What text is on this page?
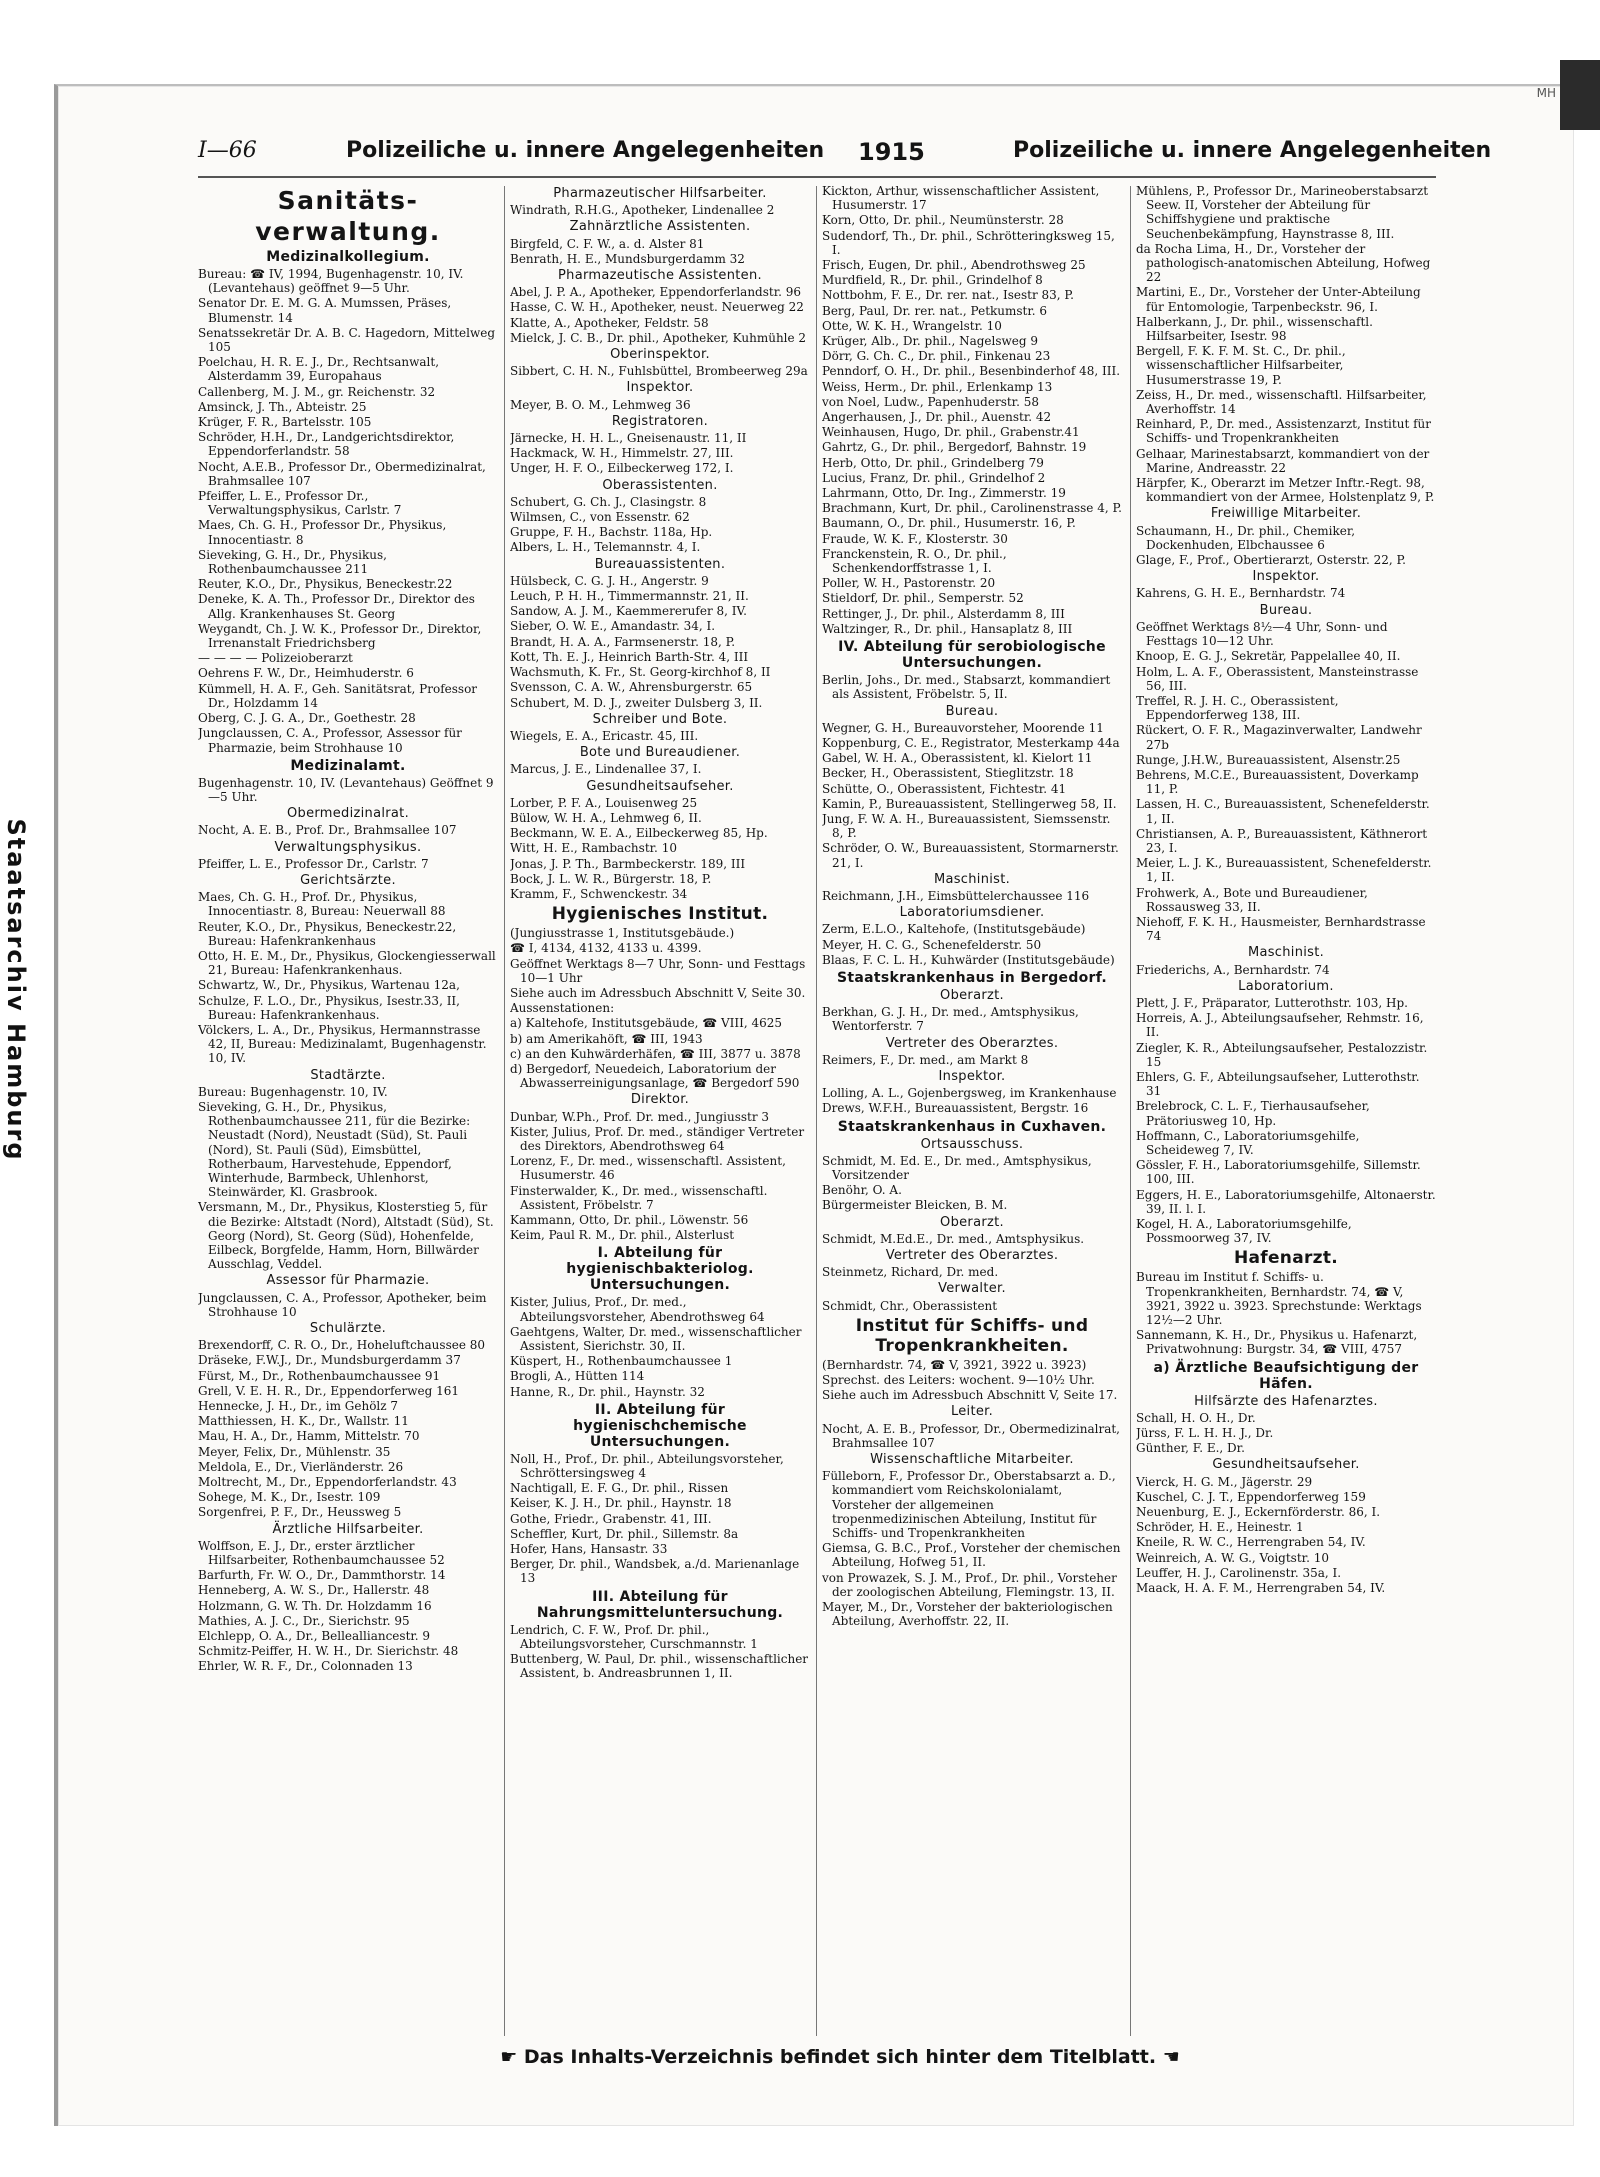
Staatsarchiv Hamburg
MH
I—66	Polizeiliche u. innere Angelegenheiten 1915	Polizeiliche u. innere Angelegenheiten
Sanitäts-
verwaltung.
Medizinalkollegium.
Bureau: ☎ IV, 1994, Bugenhagenstr. 10, IV. (Levantehaus) geöffnet 9—5 Uhr.
Senator Dr. E. M. G. A. Mumssen, Präses, Blumenstr. 14
Senatssekretär Dr. A. B. C. Hagedorn, Mittelweg 105
Poelchau, H. R. E. J., Dr., Rechtsanwalt, Alsterdamm 39, Europahaus
Callenberg, M. J. M., gr. Reichenstr. 32
Amsinck, J. Th., Abteistr. 25
Krüger, F. R., Bartelsstr. 105
Schröder, H.H., Dr., Landgerichtsdirektor, Eppendorferlandstr. 58
Nocht, A.E.B., Professor Dr., Obermedizinalrat, Brahmsallee 107
Pfeiffer, L. E., Professor Dr., Verwaltungsphysikus, Carlstr. 7
Maes, Ch. G. H., Professor Dr., Physikus, Innocentiastr. 8
Sieveking, G. H., Dr., Physikus, Rothenbaumchaussee 211
Reuter, K.O., Dr., Physikus, Beneckestr.22
Deneke, K. A. Th., Professor Dr., Direktor des Allg. Krankenhauses St. Georg
Weygandt, Ch. J. W. K., Professor Dr., Direktor, Irrenanstalt Friedrichsberg
— — — — Polizeioberarzt
Oehrens F. W., Dr., Heimhuderstr. 6
Kümmell, H. A. F., Geh. Sanitätsrat, Professor Dr., Holzdamm 14
Oberg, C. J. G. A., Dr., Goethestr. 28
Jungclaussen, C. A., Professor, Assessor für Pharmazie, beim Strohhause 10
Medizinalamt.
Bugenhagenstr. 10, IV. (Levantehaus) Geöffnet 9—5 Uhr.
Obermedizinalrat.
Nocht, A. E. B., Prof. Dr., Brahmsallee 107
Verwaltungsphysikus.
Pfeiffer, L. E., Professor Dr., Carlstr. 7
Gerichtsärzte.
Maes, Ch. G. H., Prof. Dr., Physikus, Innocentiastr. 8, Bureau: Neuerwall 88
Reuter, K.O., Dr., Physikus, Beneckestr.22, Bureau: Hafenkrankenhaus
Otto, H. E. M., Dr., Physikus, Glockengiesserwall 21, Bureau: Hafenkrankenhaus.
Schwartz, W., Dr., Physikus, Wartenau 12a,
Schulze, F. L.O., Dr., Physikus, Isestr.33, II, Bureau: Hafenkrankenhaus.
Völckers, L. A., Dr., Physikus, Hermannstrasse 42, II, Bureau: Medizinalamt, Bugenhagenstr. 10, IV.
Stadtärzte.
Bureau: Bugenhagenstr. 10, IV.
Sieveking, G. H., Dr., Physikus, Rothenbaumchaussee 211, für die Bezirke: Neustadt (Nord), Neustadt (Süd), St. Pauli (Nord), St. Pauli (Süd), Eimsbüttel, Rotherbaum, Harvestehude, Eppendorf, Winterhude, Barmbeck, Uhlenhorst, Steinwärder, Kl. Grasbrook.
Versmann, M., Dr., Physikus, Klosterstieg 5, für die Bezirke: Altstadt (Nord), Altstadt (Süd), St. Georg (Nord), St. Georg (Süd), Hohenfelde, Eilbeck, Borgfelde, Hamm, Horn, Billwärder Ausschlag, Veddel.
Assessor für Pharmazie.
Jungclaussen, C. A., Professor, Apotheker, beim Strohhause 10
Schulärzte.
Brexendorff, C. R. O., Dr., Hoheluftchaussee 80
Dräseke, F.W.J., Dr., Mundsburgerdamm 37
Fürst, M., Dr., Rothenbaumchaussee 91
Grell, V. E. H. R., Dr., Eppendorferweg 161
Hennecke, J. H., Dr., im Gehölz 7
Matthiessen, H. K., Dr., Wallstr. 11
Mau, H. A., Dr., Hamm, Mittelstr. 70
Meyer, Felix, Dr., Mühlenstr. 35
Meldola, E., Dr., Vierländerstr. 26
Moltrecht, M., Dr., Eppendorferlandstr. 43
Sohege, M. K., Dr., Isestr. 109
Sorgenfrei, P. F., Dr., Heussweg 5
Ärztliche Hilfsarbeiter.
Wolffson, E. J., Dr., erster ärztlicher Hilfsarbeiter, Rothenbaumchaussee 52
Barfurth, Fr. W. O., Dr., Dammthorstr. 14
Henneberg, A. W. S., Dr., Hallerstr. 48
Holzmann, G. W. Th. Dr. Holzdamm 16
Mathies, A. J. C., Dr., Sierichstr. 95
Elchlepp, O. A., Dr., Bellealliancestr. 9
Schmitz-Peiffer, H. W. H., Dr. Sierichstr. 48
Ehrler, W. R. F., Dr., Colonnaden 13
Pharmazeutischer Hilfsarbeiter.
Windrath, R.H.G., Apotheker, Lindenallee 2
Zahnärztliche Assistenten.
Birgfeld, C. F. W., a. d. Alster 81
Benrath, H. E., Mundsburgerdamm 32
Pharmazeutische Assistenten.
Abel, J. P. A., Apotheker, Eppendorferlandstr. 96
Hasse, C. W. H., Apotheker, neust. Neuerweg 22
Klatte, A., Apotheker, Feldstr. 58
Mielck, J. C. B., Dr. phil., Apotheker, Kuhmühle 2
Oberinspektor.
Sibbert, C. H. N., Fuhlsbüttel, Brombeerweg 29a
Inspektor.
Meyer, B. O. M., Lehmweg 36
Registratoren.
Järnecke, H. H. L., Gneisenaustr. 11, II
Hackmack, W. H., Himmelstr. 27, III.
Unger, H. F. O., Eilbeckerweg 172, I.
Oberassistenten.
Schubert, G. Ch. J., Clasingstr. 8
Wilmsen, C., von Essenstr. 62
Gruppe, F. H., Bachstr. 118a, Hp.
Albers, L. H., Telemannstr. 4, I.
Bureauassistenten.
Hülsbeck, C. G. J. H., Angerstr. 9
Leuch, P. H. H., Timmermannstr. 21, II.
Sandow, A. J. M., Kaemmererufer 8, IV.
Sieber, O. W. E., Amandastr. 34, I.
Brandt, H. A. A., Farmsenerstr. 18, P.
Kott, Th. E. J., Heinrich Barth-Str. 4, III
Wachsmuth, K. Fr., St. Georg-kirchhof 8, II
Svensson, C. A. W., Ahrensburgerstr. 65
Schubert, M. D. J., zweiter Dulsberg 3, II.
Schreiber und Bote.
Wiegels, E. A., Ericastr. 45, III.
Bote und Bureaudiener.
Marcus, J. E., Lindenallee 37, I.
Gesundheitsaufseher.
Lorber, P. F. A., Louisenweg 25
Bülow, W. H. A., Lehmweg 6, II.
Beckmann, W. E. A., Eilbeckerweg 85, Hp.
Witt, H. E., Rambachstr. 10
Jonas, J. P. Th., Barmbeckerstr. 189, III
Bock, J. L. W. R., Bürgerstr. 18, P.
Kramm, F., Schwenckestr. 34
Hygienisches Institut.
(Jungiusstrasse 1, Institutsgebäude.)
☎ I, 4134, 4132, 4133 u. 4399.
Geöffnet Werktags 8—7 Uhr, Sonn- und Festtags 10—1 Uhr
Siehe auch im Adressbuch Abschnitt V, Seite 30.
Aussenstationen:
a) Kaltehofe, Institutsgebäude, ☎ VIII, 4625
b) am Amerikahöft, ☎ III, 1943
c) an den Kuhwärderhäfen, ☎ III, 3877 u. 3878
d) Bergedorf, Neuedeich, Laboratorium der Abwasserreinigungsanlage, ☎ Bergedorf 590
Direktor.
Dunbar, W.Ph., Prof. Dr. med., Jungiusstr 3
Kister, Julius, Prof. Dr. med., ständiger Vertreter des Direktors, Abendrothsweg 64
Lorenz, F., Dr. med., wissenschaftl. Assistent, Husumerstr. 46
Finsterwalder, K., Dr. med., wissenschaftl. Assistent, Fröbelstr. 7
Kammann, Otto, Dr. phil., Löwenstr. 56
Keim, Paul R. M., Dr. phil., Alsterlust
I. Abteilung für hygienischbakteriolog. Untersuchungen.
Kister, Julius, Prof., Dr. med., Abteilungsvorsteher, Abendrothsweg 64
Gaehtgens, Walter, Dr. med., wissenschaftlicher Assistent, Sierichstr. 30, II.
Küspert, H., Rothenbaumchaussee 1
Brogli, A., Hütten 114
Hanne, R., Dr. phil., Haynstr. 32
II. Abteilung für hygienischchemische Untersuchungen.
Noll, H., Prof., Dr. phil., Abteilungsvorsteher, Schröttersingsweg 4
Nachtigall, E. F. G., Dr. phil., Rissen
Keiser, K. J. H., Dr. phil., Haynstr. 18
Gothe, Friedr., Grabenstr. 41, III.
Scheffler, Kurt, Dr. phil., Sillemstr. 8a
Hofer, Hans, Hansastr. 33
Berger, Dr. phil., Wandsbek, a./d. Marienanlage 13
III. Abteilung für Nahrungsmitteluntersuchung.
Lendrich, C. F. W., Prof. Dr. phil., Abteilungsvorsteher, Curschmannstr. 1
Buttenberg, W. Paul, Dr. phil., wissenschaftlicher Assistent, b. Andreasbrunnen 1, II.
Kickton, Arthur, wissenschaftlicher Assistent, Husumerstr. 17
Korn, Otto, Dr. phil., Neumünsterstr. 28
Sudendorf, Th., Dr. phil., Schrötteringksweg 15, I.
Frisch, Eugen, Dr. phil., Abendrothsweg 25
Murdfield, R., Dr. phil., Grindelhof 8
Nottbohm, F. E., Dr. rer. nat., Isestr 83, P.
Berg, Paul, Dr. rer. nat., Petkumstr. 6
Otte, W. K. H., Wrangelstr. 10
Krüger, Alb., Dr. phil., Nagelsweg 9
Dörr, G. Ch. C., Dr. phil., Finkenau 23
Penndorf, O. H., Dr. phil., Besenbinderhof 48, III.
Weiss, Herm., Dr. phil., Erlenkamp 13
von Noel, Ludw., Papenhuderstr. 58
Angerhausen, J., Dr. phil., Auenstr. 42
Weinhausen, Hugo, Dr. phil., Grabenstr.41
Gahrtz, G., Dr. phil., Bergedorf, Bahnstr. 19
Herb, Otto, Dr. phil., Grindelberg 79
Lucius, Franz, Dr. phil., Grindelhof 2
Lahrmann, Otto, Dr. Ing., Zimmerstr. 19
Brachmann, Kurt, Dr. phil., Carolinenstrasse 4, P.
Baumann, O., Dr. phil., Husumerstr. 16, P.
Fraude, W. K. F., Klosterstr. 30
Franckenstein, R. O., Dr. phil., Schenkendorffstrasse 1, I.
Poller, W. H., Pastorenstr. 20
Stieldorf, Dr. phil., Semperstr. 52
Rettinger, J., Dr. phil., Alsterdamm 8, III
Waltzinger, R., Dr. phil., Hansaplatz 8, III
IV. Abteilung für serobiologische Untersuchungen.
Berlin, Johs., Dr. med., Stabsarzt, kommandiert als Assistent, Fröbelstr. 5, II.
Bureau.
Wegner, G. H., Bureauvorsteher, Moorende 11
Koppenburg, C. E., Registrator, Mesterkamp 44a
Gabel, W. H. A., Oberassistent, kl. Kielort 11
Becker, H., Oberassistent, Stieglitzstr. 18
Schütte, O., Oberassistent, Fichtestr. 41
Kamin, P., Bureauassistent, Stellingerweg 58, II.
Jung, F. W. A. H., Bureauassistent, Siemssenstr. 8, P.
Schröder, O. W., Bureauassistent, Stormarnerstr. 21, I.
Maschinist.
Reichmann, J.H., Eimsbüttelerchaussee 116
Laboratoriumsdiener.
Zerm, E.L.O., Kaltehofe, (Institutsgebäude)
Meyer, H. C. G., Schenefelderstr. 50
Blaas, F. C. L. H., Kuhwärder (Institutsgebäude)
Staatskrankenhaus in Bergedorf.
Oberarzt.
Berkhan, G. J. H., Dr. med., Amtsphysikus, Wentorferstr. 7
Vertreter des Oberarztes.
Reimers, F., Dr. med., am Markt 8
Inspektor.
Lolling, A. L., Gojenbergsweg, im Krankenhause
Drews, W.F.H., Bureauassistent, Bergstr. 16
Staatskrankenhaus in Cuxhaven.
Ortsausschuss.
Schmidt, M. Ed. E., Dr. med., Amtsphysikus, Vorsitzender
Benöhr, O. A.
Bürgermeister Bleicken, B. M.
Oberarzt.
Schmidt, M.Ed.E., Dr. med., Amtsphysikus.
Vertreter des Oberarztes.
Steinmetz, Richard, Dr. med.
Verwalter.
Schmidt, Chr., Oberassistent
Institut für Schiffs- und Tropenkrankheiten.
(Bernhardstr. 74, ☎ V, 3921, 3922 u. 3923)
Sprechst. des Leiters: wochent. 9—10½ Uhr.
Siehe auch im Adressbuch Abschnitt V, Seite 17.
Leiter.
Nocht, A. E. B., Professor, Dr., Obermedizinalrat, Brahmsallee 107
Wissenschaftliche Mitarbeiter.
Fülleborn, F., Professor Dr., Oberstabsarzt a. D., kommandiert vom Reichskolonialamt, Vorsteher der allgemeinen tropenmedizinischen Abteilung, Institut für Schiffs- und Tropenkrankheiten
Giemsa, G. B.C., Prof., Vorsteher der chemischen Abteilung, Hofweg 51, II.
von Prowazek, S. J. M., Prof., Dr. phil., Vorsteher der zoologischen Abteilung, Flemingstr. 13, II.
Mayer, M., Dr., Vorsteher der bakteriologischen Abteilung, Averhoffstr. 22, II.
Mühlens, P., Professor Dr., Marineoberstabsarzt Seew. II, Vorsteher der Abteilung für Schiffshygiene und praktische Seuchenbekämpfung, Haynstrasse 8, III.
da Rocha Lima, H., Dr., Vorsteher der pathologisch-anatomischen Abteilung, Hofweg 22
Martini, E., Dr., Vorsteher der Unter-Abteilung für Entomologie, Tarpenbeckstr. 96, I.
Halberkann, J., Dr. phil., wissenschaftl. Hilfsarbeiter, Isestr. 98
Bergell, F. K. F. M. St. C., Dr. phil., wissenschaftlicher Hilfsarbeiter, Husumerstrasse 19, P.
Zeiss, H., Dr. med., wissenschaftl. Hilfsarbeiter, Averhoffstr. 14
Reinhard, P., Dr. med., Assistenzarzt, Institut für Schiffs- und Tropenkrankheiten
Gelhaar, Marinestabsarzt, kommandiert von der Marine, Andreasstr. 22
Härpfer, K., Oberarzt im Metzer Inftr.-Regt. 98, kommandiert von der Armee, Holstenplatz 9, P.
Freiwillige Mitarbeiter.
Schaumann, H., Dr. phil., Chemiker, Dockenhuden, Elbchaussee 6
Glage, F., Prof., Obertierarzt, Osterstr. 22, P.
Inspektor.
Kahrens, G. H. E., Bernhardstr. 74
Bureau.
Geöffnet Werktags 8½—4 Uhr, Sonn- und Festtags 10—12 Uhr.
Knoop, E. G. J., Sekretär, Pappelallee 40, II.
Holm, L. A. F., Oberassistent, Mansteinstrasse 56, III.
Treffel, R. J. H. C., Oberassistent, Eppendorferweg 138, III.
Rückert, O. F. R., Magazinverwalter, Landwehr 27b
Runge, J.H.W., Bureauassistent, Alsenstr.25
Behrens, M.C.E., Bureauassistent, Doverkamp 11, P.
Lassen, H. C., Bureauassistent, Schenefelderstr. 1, II.
Christiansen, A. P., Bureauassistent, Käthnerort 23, I.
Meier, L. J. K., Bureauassistent, Schenefelderstr. 1, II.
Frohwerk, A., Bote und Bureaudiener, Rossausweg 33, II.
Niehoff, F. K. H., Hausmeister, Bernhardstrasse 74
Maschinist.
Friederichs, A., Bernhardstr. 74
Laboratorium.
Plett, J. F., Präparator, Lutterothstr. 103, Hp.
Horreis, A. J., Abteilungsaufseher, Rehmstr. 16, II.
Ziegler, K. R., Abteilungsaufseher, Pestalozzistr. 15
Ehlers, G. F., Abteilungsaufseher, Lutterothstr. 31
Brelebrock, C. L. F., Tierhausaufseher, Prätoriusweg 10, Hp.
Hoffmann, C., Laboratoriumsgehilfe, Scheideweg 7, IV.
Gössler, F. H., Laboratoriumsgehilfe, Sillemstr. 100, III.
Eggers, H. E., Laboratoriumsgehilfe, Altonaerstr. 39, II. l. I.
Kogel, H. A., Laboratoriumsgehilfe, Possmoorweg 37, IV.
Hafenarzt.
Bureau im Institut f. Schiffs- u. Tropenkrankheiten, Bernhardstr. 74, ☎ V, 3921, 3922 u. 3923. Sprechstunde: Werktags 12½—2 Uhr.
Sannemann, K. H., Dr., Physikus u. Hafenarzt, Privatwohnung: Burgstr. 34, ☎ VIII, 4757
a) Ärztliche Beaufsichtigung der Häfen.
Hilfsärzte des Hafenarztes.
Schall, H. O. H., Dr.
Jürss, F. L. H. H. J., Dr.
Günther, F. E., Dr.
Gesundheitsaufseher.
Vierck, H. G. M., Jägerstr. 29
Kuschel, C. J. T., Eppendorferweg 159
Neuenburg, E. J., Eckernförderstr. 86, I.
Schröder, H. E., Heinestr. 1
Kneile, R. W. C., Herrengraben 54, IV.
Weinreich, A. W. G., Voigtstr. 10
Leuffer, H. J., Carolinenstr. 35a, I.
Maack, H. A. F. M., Herrengraben 54, IV.
☛ Das Inhalts-Verzeichnis befindet sich hinter dem Titelblatt. ☚
